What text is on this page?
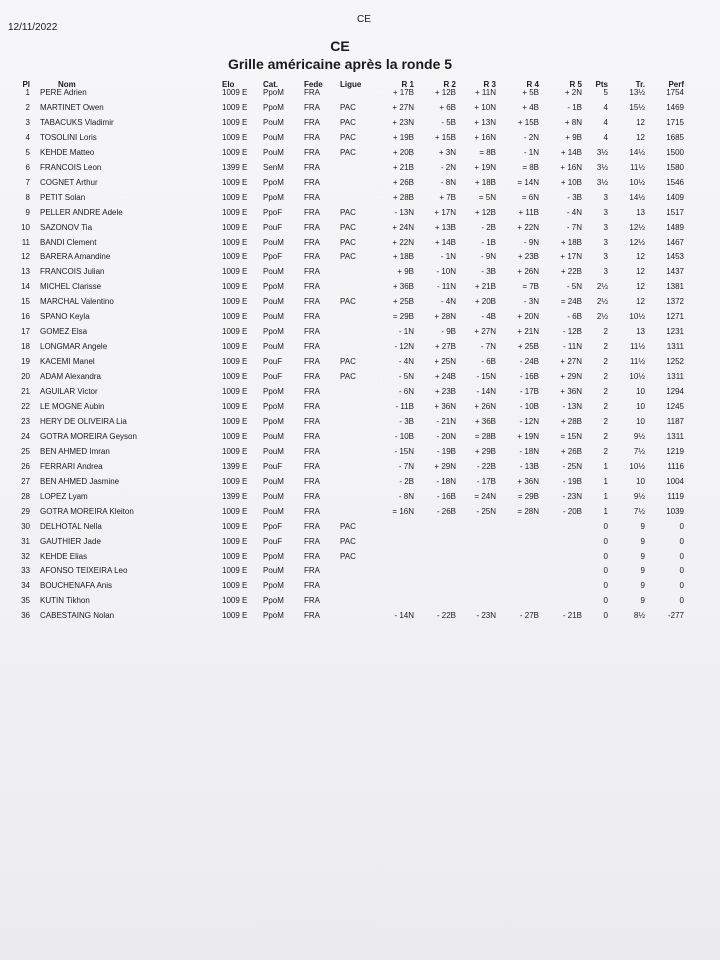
12/11/2022
CE
CE
Grille américaine après la ronde 5
Pl	Nom	Elo	Cat.	Fede Ligue	R 1	R 2	R 3	R 4	R 5	Pts	Tr.	Perf
1 PERE Adrien	1009 E PpoM	FRA	+ 17B	+ 12B	+ 11N	+ 5B	+ 2N	5	13½	1754
2 MARTINET Owen	1009 E PpoM	FRA	PAC	+ 27N	+ 6B	+ 10N	+ 4B	- 1B	4	15½	1469
3 TABACUKS Vladimir	1009 E PouM	FRA	PAC	+ 23N	- 5B	+ 13N	+ 15B	+ 8N	4	12	1715
4 TOSOLINI Loris	1009 E PouM	FRA	PAC	+ 19B	+ 15B	+ 16N	- 2N	+ 9B	4	12	1685
5 KEHDE Matteo	1009 E PouM	FRA	PAC	+ 20B	+ 3N	= 8B	- 1N	+ 14B	3½	14½	1500
6 FRANCOIS Leon	1399 E SenM	FRA	+ 21B	- 2N	+ 19N	= 8B	+ 16N	3½	11½	1580
7 COGNET Arthur	1009 E PpoM	FRA	+ 26B	- 8N	+ 18B	= 14N	+ 10B	3½	10½	1546
8 PETIT Solan	1009 E PpoM	FRA	+ 28B	+ 7B	= 5N	= 6N	- 3B	3	14½	1409
9 PELLER ANDRE Adele	1009 E PpoF	FRA	PAC	- 13N	+ 17N	+ 12B	+ 11B	- 4N	3	13	1517
10 SAZONOV Tia	1009 E PouF	FRA	PAC	+ 24N	+ 13B	- 2B	+ 22N	- 7N	3	12½	1489
11 BANDI Clement	1009 E PouM	FRA	PAC	+ 22N	+ 14B	- 1B	- 9N	+ 18B	3	12½	1467
12 BARERA Amandine	1009 E PpoF	FRA	PAC	+ 18B	- 1N	- 9N	+ 23B	+ 17N	3	12	1453
13 FRANCOIS Julian	1009 E PouM	FRA	+ 9B	- 10N	- 3B	+ 26N	+ 22B	3	12	1437
14 MICHEL Clarisse	1009 E PpoM	FRA	+ 36B	- 11N	+ 21B	= 7B	- 5N	2½	12	1381
15 MARCHAL Valentino	1009 E PouM	FRA	PAC	+ 25B	- 4N	+ 20B	- 3N	= 24B	2½	12	1372
16 SPANO Keyla	1009 E PouM	FRA	= 29B	+ 28N	- 4B	+ 20N	- 6B	2½	10½	1271
17 GOMEZ Elsa	1009 E PpoM	FRA	- 1N	- 9B	+ 27N	+ 21N	- 12B	2	13	1231
18 LONGMAR Angele	1009 E PouM	FRA	- 12N	+ 27B	- 7N	+ 25B	- 11N	2	11½	1311
19 KACEMI Manel	1009 E PouF	FRA	PAC	- 4N	+ 25N	- 6B	- 24B	+ 27N	2	11½	1252
20 ADAM Alexandra	1009 E PouF	FRA	PAC	- 5N	+ 24B	- 15N	- 16B	+ 29N	2	10½	1311
21 AGUILAR Victor	1009 E PpoM	FRA	- 6N	+ 23B	- 14N	- 17B	+ 36N	2	10	1294
22 LE MOGNE Aubin	1009 E PpoM	FRA	- 11B	+ 36N	+ 26N	- 10B	- 13N	2	10	1245
23 HERY DE OLIVEIRA Lia	1009 E PpoM	FRA	- 3B	- 21N	+ 36B	- 12N	+ 28B	2	10	1187
24 GOTRA MOREIRA Geyson	1009 E PouM	FRA	- 10B	- 20N	= 28B	+ 19N	= 15N	2	9½	1311
25 BEN AHMED Imran	1009 E PouM	FRA	- 15N	- 19B	+ 29B	- 18N	+ 26B	2	7½	1219
26 FERRARI Andrea	1399 E PouF	FRA	- 7N	+ 29N	- 22B	- 13B	- 25N	1	10½	1116
27 BEN AHMED Jasmine	1009 E PouM	FRA	- 2B	- 18N	- 17B	+ 36N	- 19B	1	10	1004
28 LOPEZ Lyam	1399 E PouM	FRA	- 8N	- 16B	= 24N	= 29B	- 23N	1	9½	1119
29 GOTRA MOREIRA Kleiton	1009 E PouM	FRA	= 16N	- 26B	- 25N	= 28N	- 20B	1	7½	1039
30 DELHOTAL Nella	1009 E PpoF	FRA	PAC	0	9	0
31 GAUTHIER Jade	1009 E PouF	FRA	PAC	0	9	0
32 KEHDE Elias	1009 E PpoM	FRA	PAC	0	9	0
33 AFONSO TEIXEIRA Leo	1009 E PouM	FRA	0	9	0
34 BOUCHENAFA Anis	1009 E PpoM	FRA	0	9	0
35 KUTIN Tikhon	1009 E PpoM	FRA	0	9	0
36 CABESTAING Nolan	1009 E PpoM	FRA	- 14N	- 22B	- 23N	- 27B	- 21B	0	8½	-277
